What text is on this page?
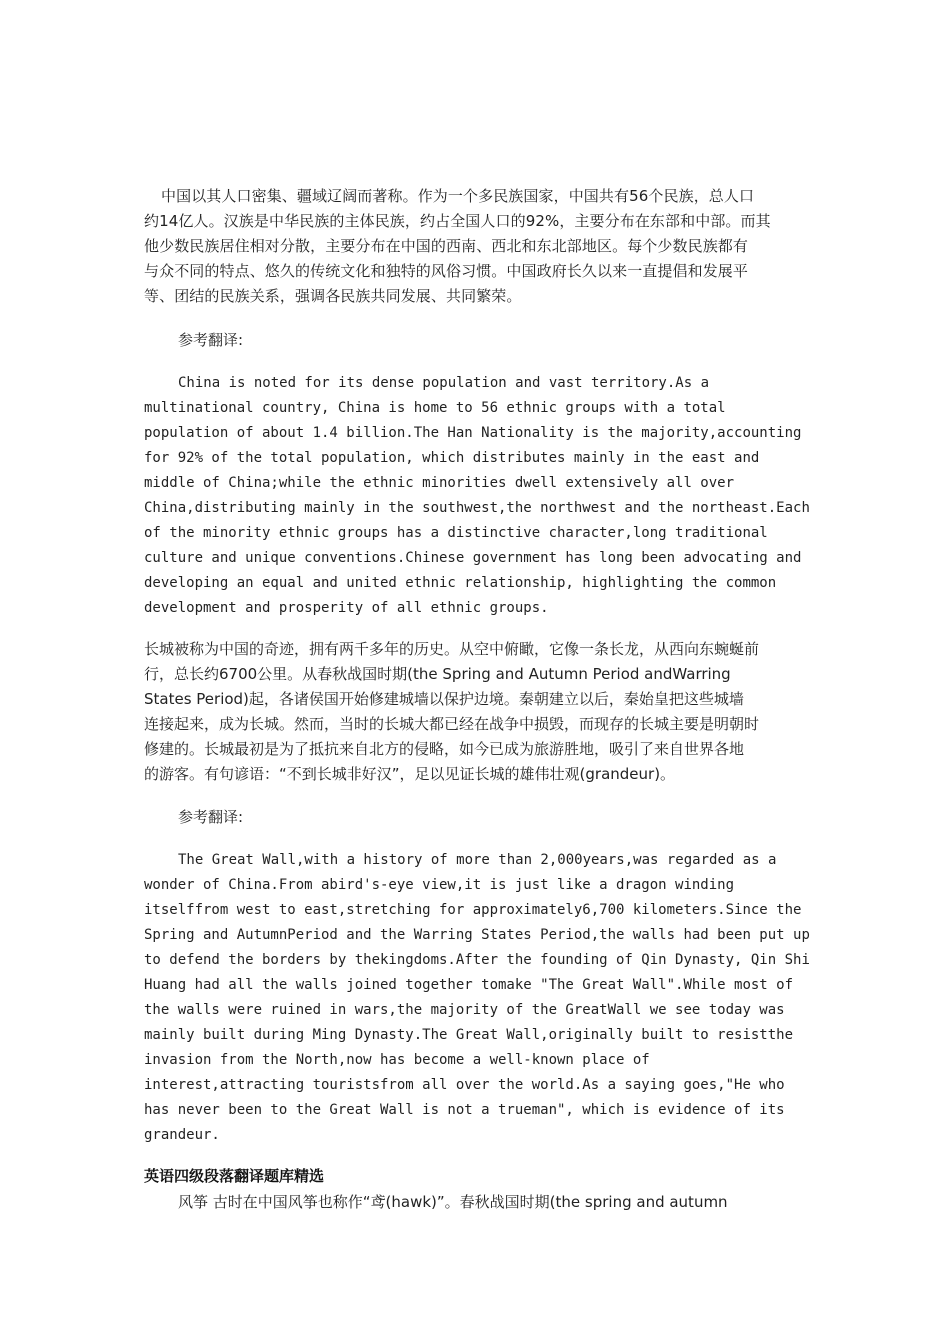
中国以其人口密集、疆域辽阔而著称。作为一个多民族国家，中国共有56个民族，总人口
约14亿人。汉族是中华民族的主体民族，约占全国人口的92%，主要分布在东部和中部。而其
他少数民族居住相对分散，主要分布在中国的西南、西北和东北部地区。每个少数民族都有
与众不同的特点、悠久的传统文化和独特的风俗习惯。中国政府长久以来一直提倡和发展平
等、团结的民族关系，强调各民族共同发展、共同繁荣。
参考翻译:
China is noted for its dense population and vast territory.As a
multinational country, China is home to 56 ethnic groups with a total
population of about 1.4 billion.The Han Nationality is the majority,accounting
for 92% of the total population, which distributes mainly in the east and
middle of China;while the ethnic minorities dwell extensively all over
China,distributing mainly in the southwest,the northwest and the northeast.Each
of the minority ethnic groups has a distinctive character,long traditional
culture and unique conventions.Chinese government has long been advocating and
developing an equal and united ethnic relationship, highlighting the common
development and prosperity of all ethnic groups.
长城被称为中国的奇迹，拥有两千多年的历史。从空中俯瞰，它像一条长龙，从西向东蜿蜒前
行，总长约6700公里。从春秋战国时期(the Spring and Autumn Period andWarring
States Period)起，各诸侯国开始修建城墙以保护边境。秦朝建立以后，秦始皇把这些城墙
连接起来，成为长城。然而，当时的长城大都已经在战争中损毁，而现存的长城主要是明朝时
修建的。长城最初是为了抵抗来自北方的侵略，如今已成为旅游胜地，吸引了来自世界各地
的游客。有句谚语：“不到长城非好汉”，足以见证长城的雄伟壮观(grandeur)。
参考翻译:
The Great Wall,with a history of more than 2,000years,was regarded as a
wonder of China.From abird's-eye view,it is just like a dragon winding
itselffrom west to east,stretching for approximately6,700 kilometers.Since the
Spring and AutumnPeriod and the Warring States Period,the walls had been put up
to defend the borders by thekingdoms.After the founding of Qin Dynasty, Qin Shi
Huang had all the walls joined together tomake "The Great Wall".While most of
the walls were ruined in wars,the majority of the GreatWall we see today was
mainly built during Ming Dynasty.The Great Wall,originally built to resistthe
invasion from the North,now has become a well-known place of
interest,attracting touristsfrom all over the world.As a saying goes,"He who
has never been to the Great Wall is not a trueman", which is evidence of its
grandeur.
英语四级段落翻译题库精选
风筝 古时在中国风筝也称作“鸢(hawk)”。春秋战国时期(the spring and autumn
